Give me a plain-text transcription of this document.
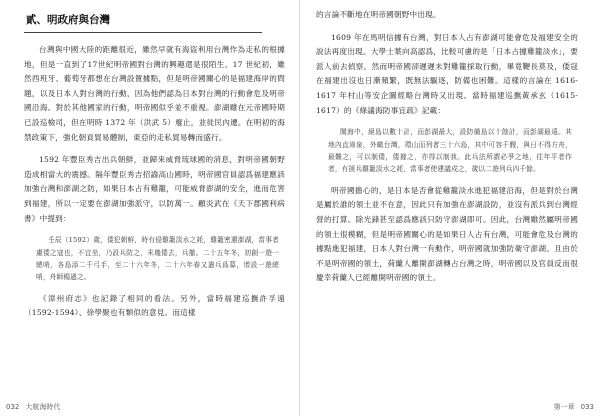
貳、明政府與台灣

台灣與中國大陸的距離很近，雖然早就有海盜利用台灣作為走私的根據地，但是一直到了17世紀明帝國對台灣的興趣還是很陌生。17 世紀初，雖然西班牙、葡萄牙都想在台灣設置據點，但是明帝國關心的是福建海岸的問題，以及日本人對台灣的行動，因為他們認為日本對台灣的行動會危及明帝國沿海。對於其他國家的行動，明帝國似乎並不重視。澎湖雖在元帝國時期已設巡檢司，但在明時 1372 年（洪武 5）廢止，並徙民內遷。在明初的海禁政策下，強化朝貢貿易體制，東亞的走私貿易轉而盛行。

1592 年豐臣秀吉出兵朝鮮，並歸來威脅琉球國的消息，對明帝國朝野造成相當大的震撼。隔年豐臣秀吉招諭高山國時，明帝國官員認爲福建應該加強台灣和澎湖之防，如果日本占有雞籠，可能威脅澎湖的安全，進而危害到福建，所以一定要在澎湖加強派守，以防萬一。顧炎武在《天下郡國利病書》中提到：

壬辰（1592）歲，倭犯朝鮮，時有侵雞籠淡水之耗，雞籠密邇澎湖，當事者慮倭之寇也，不宜坐，乃設兵防之，未幾倭去，兵撤。二十五年冬，初創一遊一總哨，各島添二千弓手，至二十六年冬，二十六年春又遣兵爲募，增設一遊總哨，舟師楊過之。

《漳州府志》也記錄了相同的看法。另外，當時福建巡撫許孚遠（1592-1594）、徐學聚也有類似的意見。而這樣

032 大航海時代

的言論不斷地在明帝國朝野中出現。

1609 年在馬明信據有台灣，對日本人占有澎湖可能會危及福建安全的說法再度出現。大學士葉向高認爲，比較可慮的是「日本占據雞籠淡水」，要派人前去偵察。然而明帝國卻遲遲未對雞籠採取行動，畢竟鞭長莫及，倭寇在福建出沒也日漸頻繁，既無法驅逐，防備也困難。這樣的言論在 1616-1617 年村山等安企圖經略台灣時又出現。當時福建巡撫黃承玄（1615-1617）的《條議海防事宜疏》記載：

閩海中，絕島以數十計，而彭湖最大，設防備島以十餘計，而彭湖最遠。其地內直漳泉，外瞰台灣，環山而列者三十六島，其中可容千艘，與日不得方舟，最難之，可以制倭，倭據之，亦得以制我。此兵法所謂必爭之地，往年平者作者，有援兵雞籠淡水之耗，當事者使建議戍之，歲以二遊列兵四千餘。

明帝國擔心的，是日本是否會從雞籠淡水進犯福建沿海，但是對於台灣是屬於誰的領土並不在意，因此只有加強在澎湖設防，並沒有派兵到台灣經營的打算。除光鋒甚至認爲應該只防守澎湖即可。因此，台灣雖然屬明帝國的領土很模糊，但是明帝國關心的是如果日人占有台灣，可能會危及台灣的據點進犯福建，日本人對台灣一有動作，明帝國就加強防衛守澎湖。且由於不是明帝國的領土，荷蘭人離開澎湖轉占台灣之時，明帝國以及官員反而很慶幸荷蘭人已經離開明帝國的領土。

第一章 033
